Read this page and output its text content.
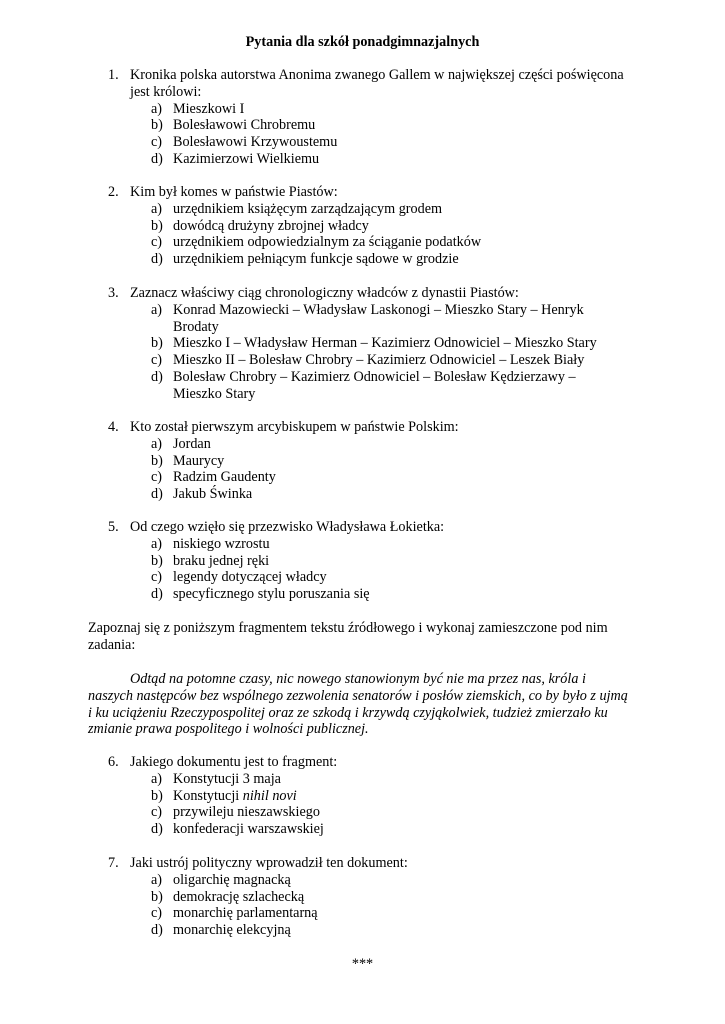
Pytania dla szkół ponadgimnazjalnych
1. Kronika polska autorstwa Anonima zwanego Gallem w największej części poświęcona jest królowi:
a) Mieszkowi I
b) Bolesławowi Chrobremu
c) Bolesławowi Krzywoustemu
d) Kazimierzowi Wielkiemu
2. Kim był komes w państwie Piastów:
a) urzędnikiem książęcym zarządzającym grodem
b) dowódcą drużyny zbrojnej władcy
c) urzędnikiem odpowiedzialnym za ściąganie podatków
d) urzędnikiem pełniącym funkcje sądowe w grodzie
3. Zaznacz właściwy ciąg chronologiczny władców z dynastii Piastów:
a) Konrad Mazowiecki – Władysław Laskonogi – Mieszko Stary – Henryk Brodaty
b) Mieszko I – Władysław Herman – Kazimierz Odnowiciel – Mieszko Stary
c) Mieszko II – Bolesław Chrobry – Kazimierz Odnowiciel – Leszek Biały
d) Bolesław Chrobry – Kazimierz Odnowiciel – Bolesław Kędzierzawy – Mieszko Stary
4. Kto został pierwszym arcybiskupem w państwie Polskim:
a) Jordan
b) Maurycy
c) Radzim Gaudenty
d) Jakub Świnka
5. Od czego wzięło się przezwisko Władysława Łokietka:
a) niskiego wzrostu
b) braku jednej ręki
c) legendy dotyczącej władcy
d) specyficznego stylu poruszania się
Zapoznaj się z poniższym fragmentem tekstu źródłowego i wykonaj zamieszczone pod nim zadania:
Odtąd na potomne czasy, nic nowego stanowionym być nie ma przez nas, króla i naszych następców bez wspólnego zezwolenia senatorów i posłów ziemskich, co by było z ujmą i ku uciążeniu Rzeczypospolitej oraz ze szkodą i krzywdą czyjąkolwiek, tudzież zmierzało ku zmianie prawa pospolitego i wolności publicznej.
6. Jakiego dokumentu jest to fragment:
a) Konstytucji 3 maja
b) Konstytucji nihil novi
c) przywileju nieszawskiego
d) konfederacji warszawskiej
7. Jaki ustrój polityczny wprowadził ten dokument:
a) oligarchię magnacką
b) demokrację szlachecką
c) monarchię parlamentarną
d) monarchię elekcyjną
***
